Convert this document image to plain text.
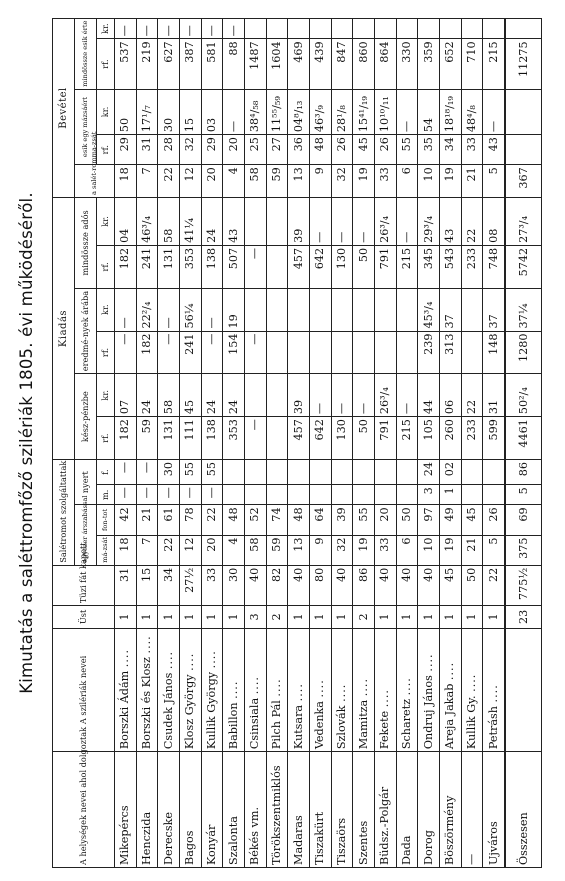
Kimutatás a saléttromfőző szilériák 1805. évi működéséről.
A helységek nevei ahol dolgoztak	A szilériák nevei	Üst	Tüzi fát kapott	Salétromot szolgáltattak				Kiadás						Bevétel				
				egyezer árszabással		nyert		kész-pénzbe		eredmé-nyek árába		mindössze adós		a salét-romma-zsát	esik egy mázsáért		mindössze esik érte	
				má-zsát	fon-tot	m.	f.	rf.	kr.	rf.	kr.	rf.	kr.		rf.	kr.	rf.	kr.
Mikepércs	Borszki Ádám ....	1	31	18	42	—	—	182	07	—	—	182	04	18	29	50	537	—
Henczida	Borszki és Klosz ....	1	15	7	21	—	—	59	24	182	22²/₄	241	46³/₄	7	31	17¹/₇	219	—
Derecske	Csudek János ....	1	34	22	61	—	30	131	58	—	—	131	58	22	28	30	627	—
Bagos	Klosz György ....	1	27½	12	78	—	55	111	45	241	56¼	353	41¼	12	32	15	387	—
Konyár	Kullik György ....	1	33	20	22	—	55	138	24	—	—	138	24	20	29	03	581	—
Szalonta	Babillon ....	1	30	4	48			353	24	154	19	507	43	4	20	—	88	—
Békés vm.	Csinsiala ....	3	40	58	52			—		—		—		58	25	38⁴/₅₈	1487	
Törökszentmiklós	Pilch Pál ....	2	82	59	74									59	27	11⁵⁵/₅₉	1604	
Madaras	Kutsara ....	1	40	13	48			457	39			457	39	13	36	04⁸/₁₃	469	
Tiszakürt	Vedenka ....	1	80	9	64			642	—			642	—	9	48	46³/₉	439	
Tiszaörs	Szlovák ....	1	40	32	39			130	—			130	—	32	26	28¹/₈	847	
Szentes	Mamitza ....	2	86	19	55			50	—			50	—	19	45	15⁴¹/₁₉	860	
Büdsz.-Polgár	Fekete ....	1	40	33	20			791	26³/₄			791	26³/₄	33	26	10¹⁰/₁₁	864	
Dada	Scharetz ....	1	40	6	50			215	—			215	—	6	55	—	330	
Dorog	Ondruj János ....	1	40	10	97	3	24	105	44	239	45³/₄	345	29³/₄	10	35	54	359	
Böszörmény	Areja Jakab ....	1	45	19	49	1	02	260	06	313	37	543	43	19	34	18¹⁸/₁₉	652	
—	Kullik Gy. ....	1	50	21	45			233	22			233	22	21	33	48⁴/₈	710	
Ujváros	Petrásh ....	1	22	5	26			599	31	148	37	748	08	5	43	—	215	
Összesen		23	775½	375	69	5	86	4461	50²/₄	1280	37¼	5742	27³/₄	367			11275	
